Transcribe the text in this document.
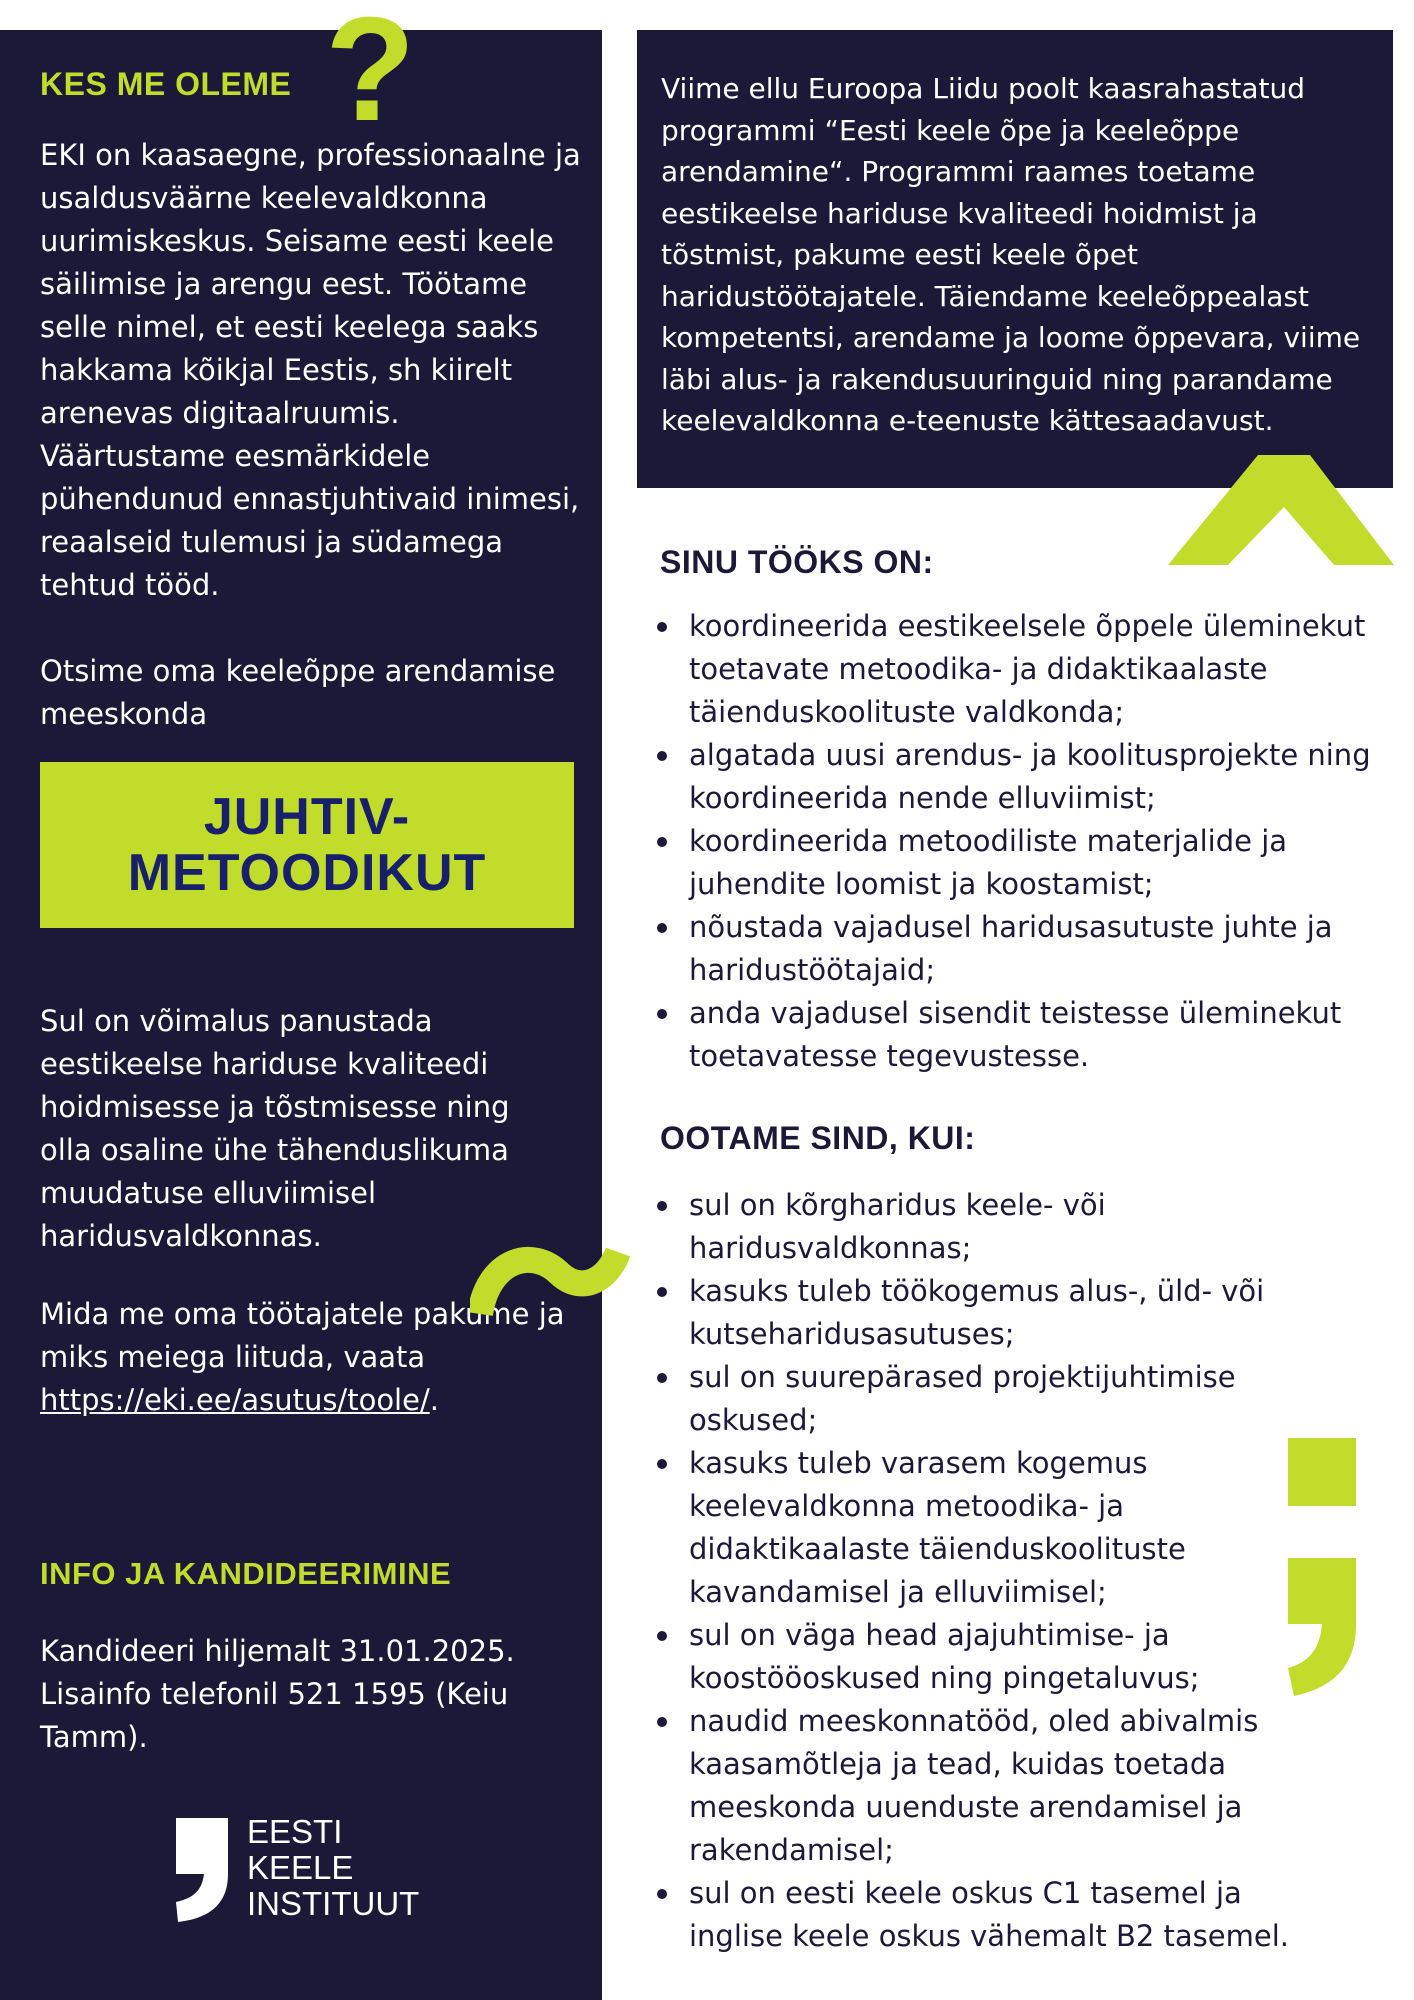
KES ME OLEME ?
EKI on kaasaegne, professionaalne ja usaldusväärne keelevaldkonna uurimiskeskus. Seisame eesti keele säilimise ja arengu eest. Töötame selle nimel, et eesti keelega saaks hakkama kõikjal Eestis, sh kiirelt arenevas digitaalruumis. Väärtustame eesmärkidele pühendunud ennastjuhtivaid inimesi, reaalseid tulemusi ja südamega tehtud tööd.
Otsime oma keeleõppe arendamise meeskonda
JUHTIV-
METOODIKUT
Sul on võimalus panustada eestikeelse hariduse kvaliteedi hoidmisesse ja tõstmisesse ning olla osaline ühe tähenduslikuma muudatuse elluviimisel haridusvaldkonnas.
Mida me oma töötajatele pakume ja miks meiega liituda, vaata https://eki.ee/asutus/toole/.
INFO JA KANDIDEERIMINE
Kandideeri hiljemalt 31.01.2025. Lisainfo telefonil 521 1595 (Keiu Tamm).
EESTI
KEELE
INSTITUUT
Viime ellu Euroopa Liidu poolt kaasrahastatud programmi “Eesti keele õpe ja keeleõppe arendamine“. Programmi raames toetame eestikeelse hariduse kvaliteedi hoidmist ja tõstmist, pakume eesti keele õpet haridustöötajatele. Täiendame keeleõppealast kompetentsi, arendame ja loome õppevara, viime läbi alus- ja rakendusuuringuid ning parandame keelevaldkonna e-teenuste kättesaadavust.
SINU TÖÖKS ON:
koordineerida eestikeelsele õppele üleminekut toetavate metoodika- ja didaktikaalaste täienduskoolituste valdkonda;
algatada uusi arendus- ja koolitusprojekte ning koordineerida nende elluviimist;
koordineerida metoodiliste materjalide ja juhendite loomist ja koostamist;
nõustada vajadusel haridusasutuste juhte ja haridustöötajaid;
anda vajadusel sisendit teistesse üleminekut toetavatesse tegevustesse.
OOTAME SIND, KUI:
sul on kõrgharidus keele- või haridusvaldkonnas;
kasuks tuleb töökogemus alus-, üld- või kutseharidusasutuses;
sul on suurepärased projektijuhtimise oskused;
kasuks tuleb varasem kogemus keelevaldkonna metoodika- ja didaktikaalaste täienduskoolituste kavandamisel ja elluviimisel;
sul on väga head ajajuhtimise- ja koostööoskused ning pingetaluvus;
naudid meeskonnatööd, oled abivalmis kaasamõtleja ja tead, kuidas toetada meeskonda uuenduste arendamisel ja rakendamisel;
sul on eesti keele oskus C1 tasemel ja inglise keele oskus vähemalt B2 tasemel.
